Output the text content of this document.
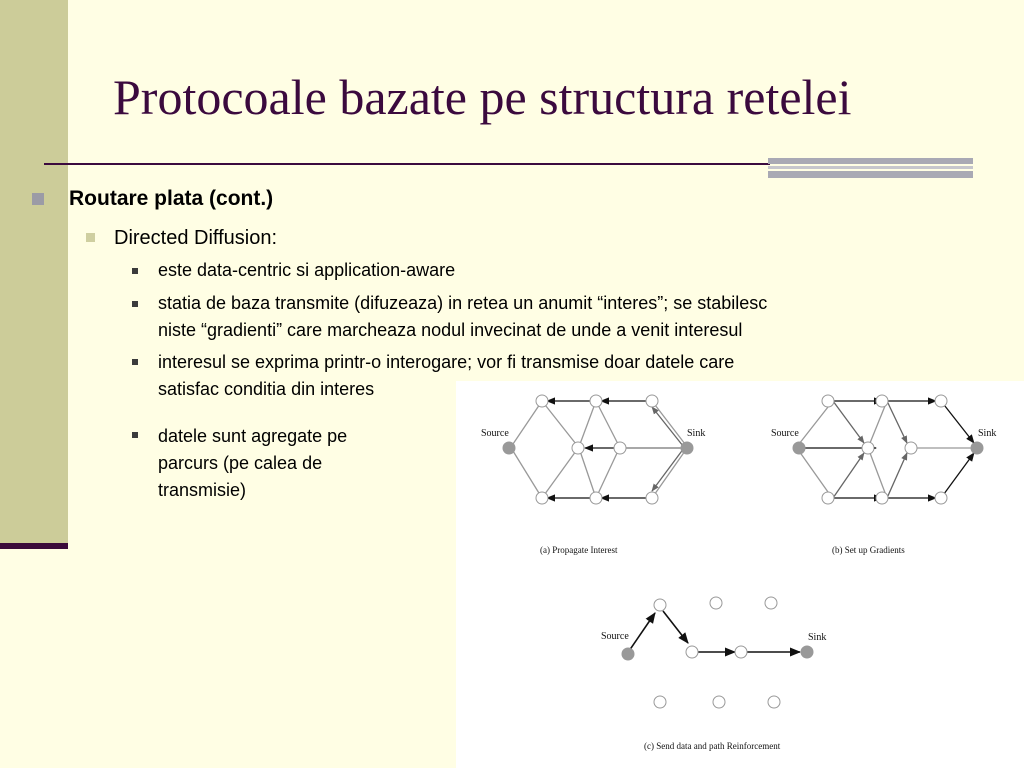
Protocoale bazate pe structura retelei
Routare plata (cont.)
Directed Diffusion:
este data-centric si application-aware
statia de baza transmite (difuzeaza) in retea un anumit “interes”; se stabilesc
niste “gradienti” care marcheaza nodul invecinat de unde a venit interesul
interesul se exprima printr-o interogare; vor fi transmise doar datele care
satisfac conditia din interes
datele sunt agregate pe
parcurs (pe calea de
transmisie)
Source	Sink
(a) Propagate Interest
Source	Sink
(b) Set up Gradients
Source	Sink
(c) Send data and path Reinforcement
